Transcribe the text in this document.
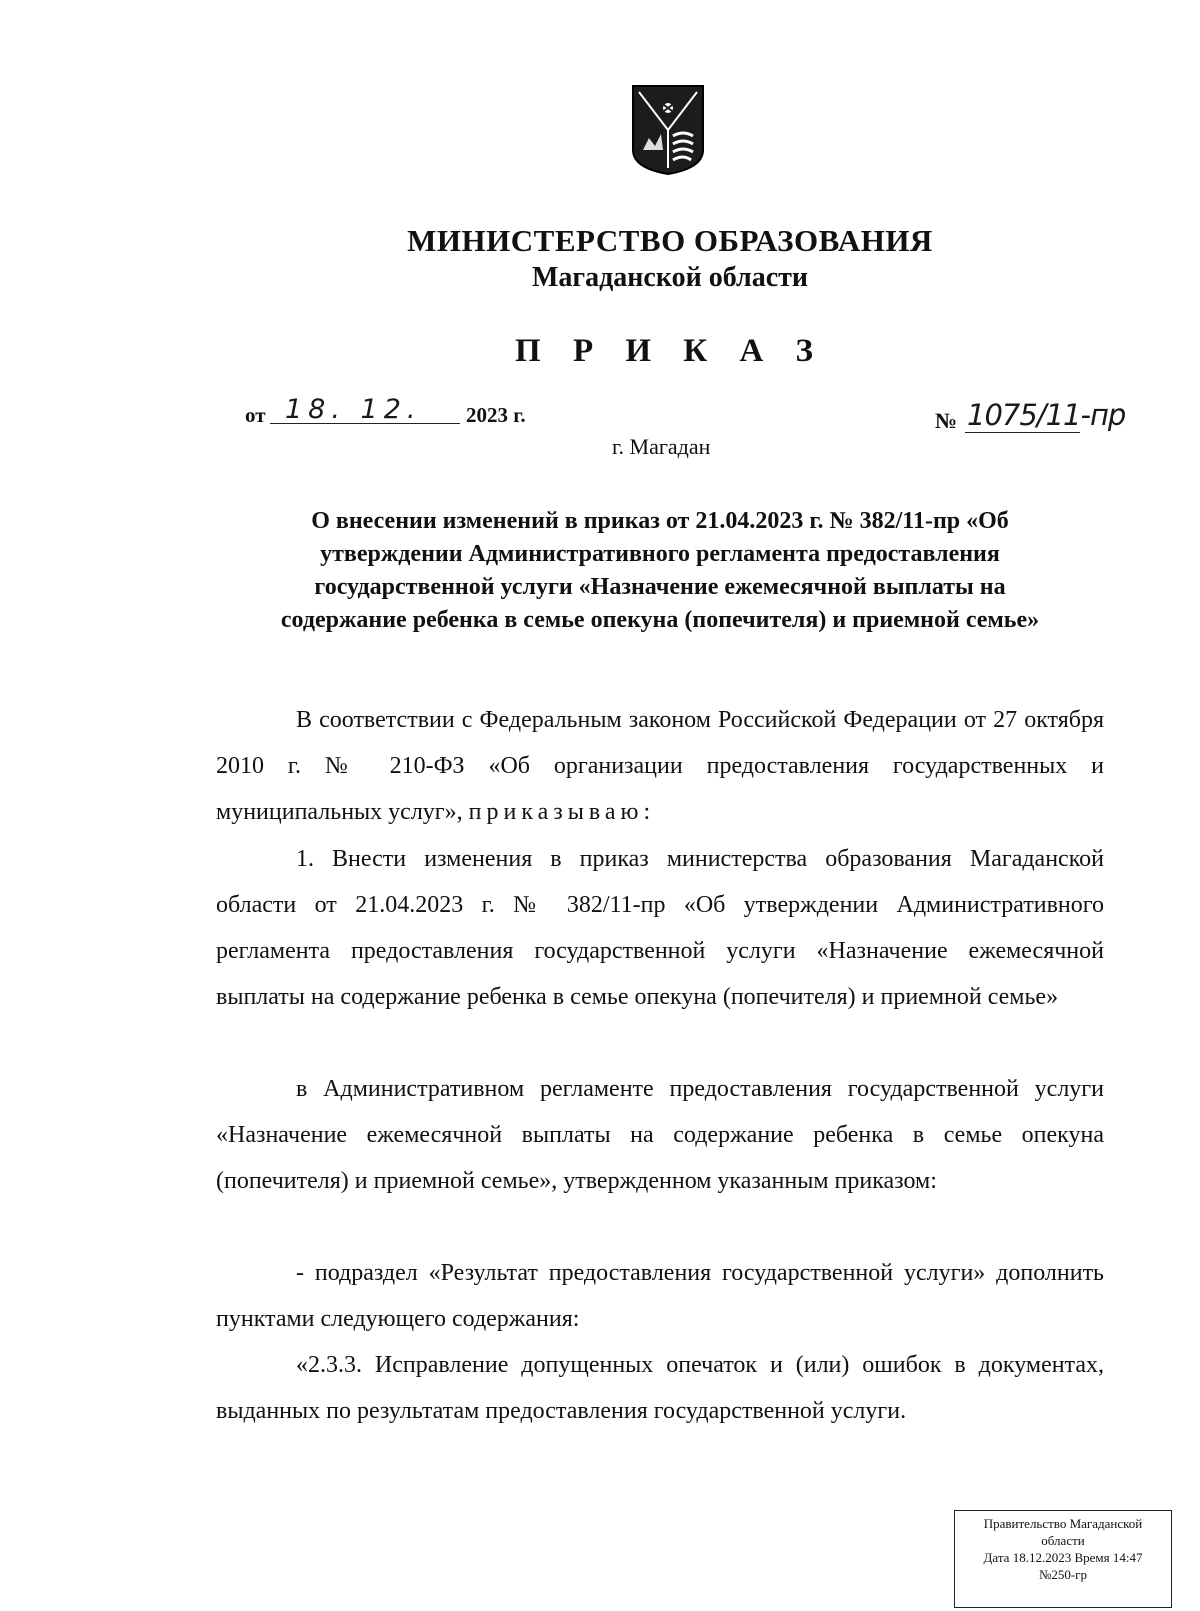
МИНИСТЕРСТВО ОБРАЗОВАНИЯ
Магаданской области
П Р И К А З
от 18. 12. 2023 г.	№ 1075/11-пр
г. Магадан
О внесении изменений в приказ от 21.04.2023 г. № 382/11-пр «Об
утверждении Административного регламента предоставления
государственной услуги «Назначение ежемесячной выплаты на
содержание ребенка в семье опекуна (попечителя) и приемной семье»

В соответствии с Федеральным законом Российской Федерации от 27 октября 2010 г. № 210-ФЗ «Об организации предоставления государственных и муниципальных услуг», приказываю:

1. Внести изменения в приказ министерства образования Магаданской области от 21.04.2023 г. № 382/11-пр «Об утверждении Административного регламента предоставления государственной услуги «Назначение ежемесячной выплаты на содержание ребенка в семье опекуна (попечителя) и приемной семье»

в Административном регламенте предоставления государственной услуги «Назначение ежемесячной выплаты на содержание ребенка в семье опекуна (попечителя) и приемной семье», утвержденном указанным приказом:

- подраздел «Результат предоставления государственной услуги» дополнить пунктами следующего содержания:

«2.3.3. Исправление допущенных опечаток и (или) ошибок в документах, выданных по результатам предоставления государственной услуги.

Правительство Магаданской
области
Дата 18.12.2023 Время 14:47
№250-гр
